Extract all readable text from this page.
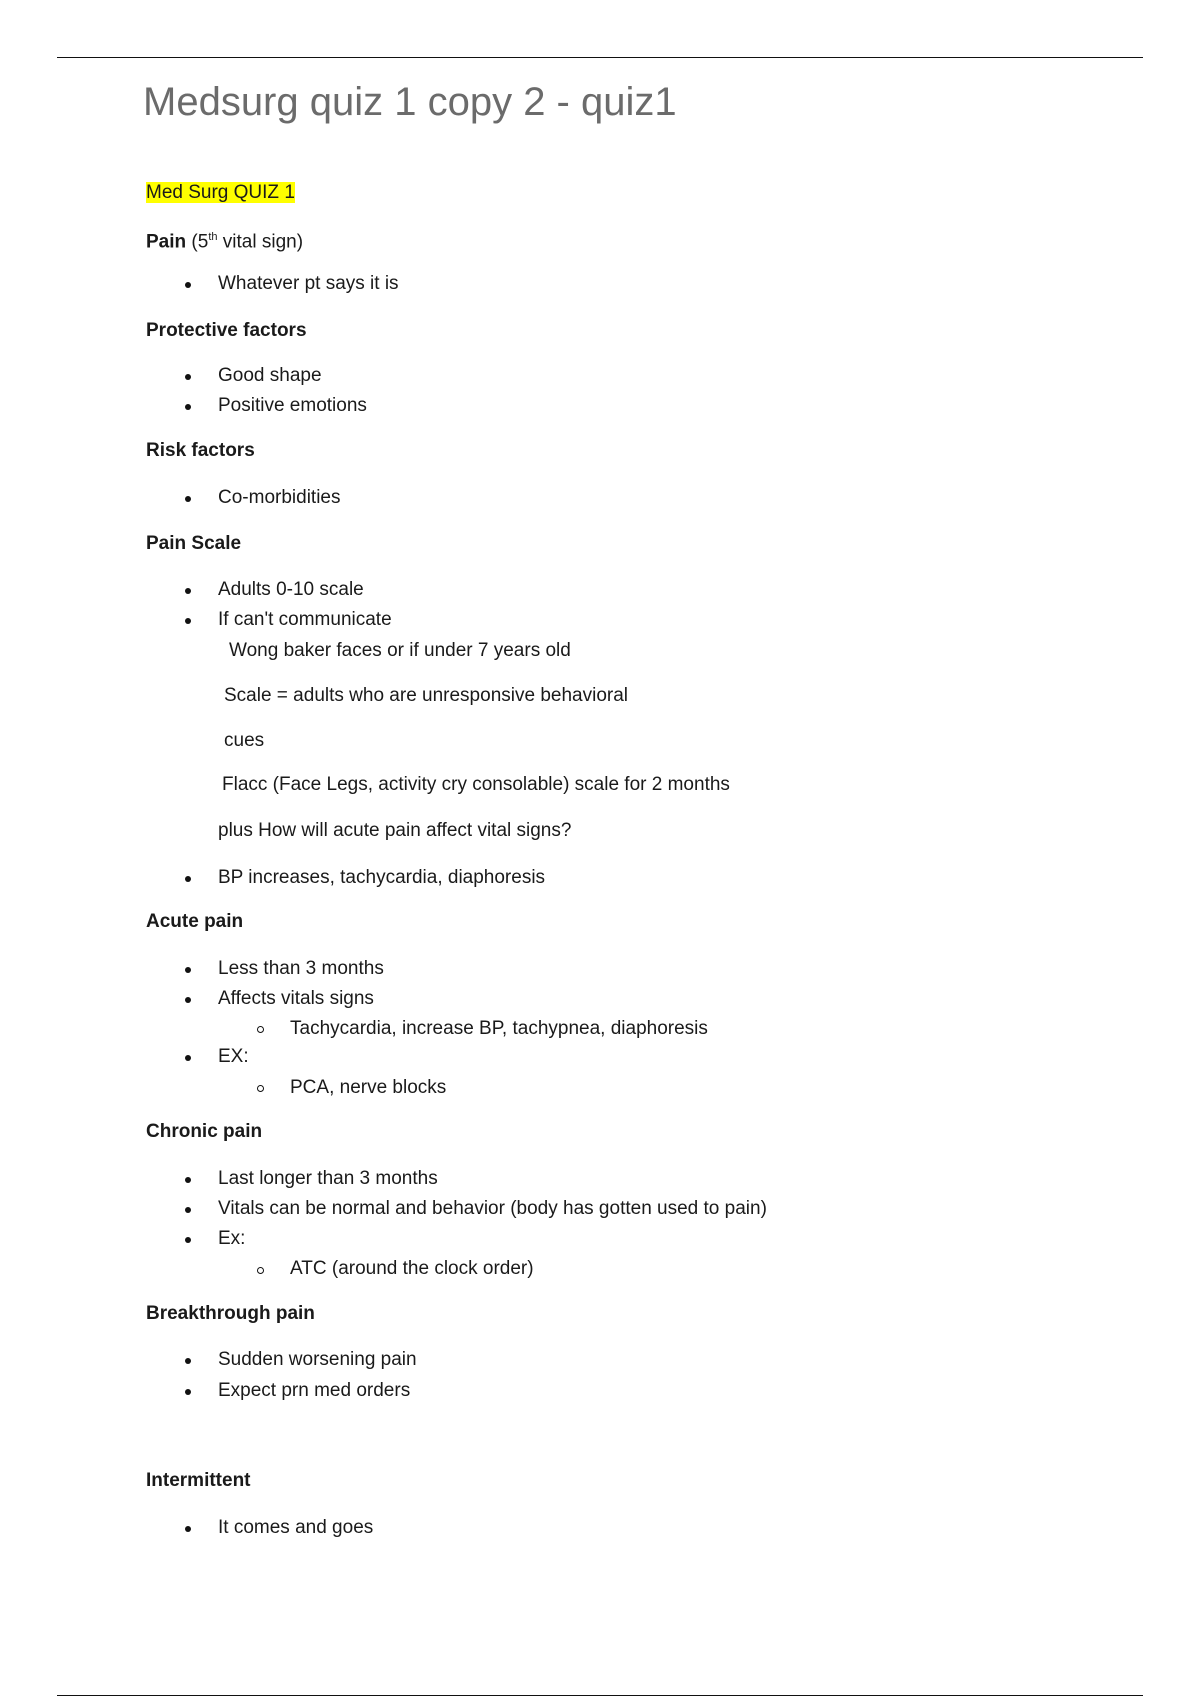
Medsurg quiz 1 copy 2 - quiz1
Med Surg QUIZ 1
Pain (5th vital sign)
Whatever pt says it is
Protective factors
Good shape
Positive emotions
Risk factors
Co-morbidities
Pain Scale
Adults 0-10 scale
If can't communicate
Wong baker faces or if under 7 years old
Scale = adults who are unresponsive behavioral
cues
Flacc (Face Legs, activity cry consolable) scale for 2 months
plus How will acute pain affect vital signs?
BP increases, tachycardia, diaphoresis
Acute pain
Less than 3 months
Affects vitals signs
Tachycardia, increase BP, tachypnea, diaphoresis
EX:
PCA, nerve blocks
Chronic pain
Last longer than 3 months
Vitals can be normal and behavior (body has gotten used to pain)
Ex:
ATC (around the clock order)
Breakthrough pain
Sudden worsening pain
Expect prn med orders
Intermittent
It comes and goes
